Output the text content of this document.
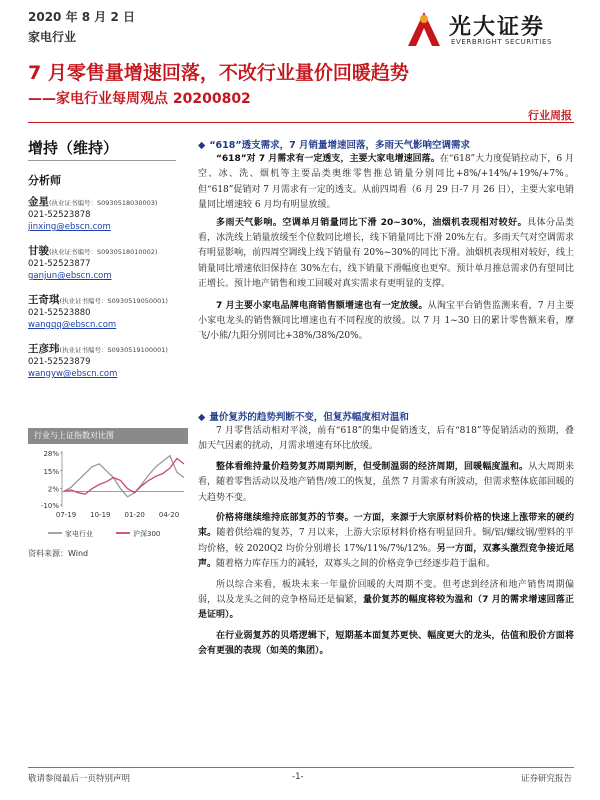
2020 年 8 月 2 日
家电行业	光大证券
EVERBRIGHT SECURITIES
7 月零售量增速回落，不改行业量价回暖趋势
——家电行业每周观点 20200802
行业周报
增持（维持）
分析师
金星(执业证书编号：S0930518030003)
021-52523878
jinxing@ebscn.com
甘骏(执业证书编号：S0930518010002)
021-52523877
ganjun@ebscn.com
王奇琪(执业证书编号：S0930519050001)
021-52523880
wangqq@ebscn.com
王彦玮(执业证书编号：S0930519100001)
021-52523879
wangyw@ebscn.com
行业与上证指数对比图
28%
15%
2%
-10%
07-19 10-19 01-20 04-20
家电行业	沪深300
资料来源：Wind
◆ “618”透支需求，7 月销量增速回落，多雨天气影响空调需求

“618”对 7 月需求有一定透支，主要大家电增速回落。在“618”大力度促销拉动下，6 月空、冰、洗、烟机等主要品类奥维零售推总销量分别同比+8%/+14%/+19%/+7%。但“618”促销对 7 月需求有一定的透支。从前四周看（6 月 29 日-7 月 26 日），主要大家电销量同比增速较 6 月均有明显放缓。

多雨天气影响。空调单月销量同比下滑 20~30%，油烟机表现相对较好。具体分品类看，冰洗线上销量放缓至个位数同比增长，线下销量同比下滑 20%左右。多雨天气对空调需求有明显影响，前四周空调线上线下销量有 20%~30%的同比下滑。油烟机表现相对较好，线上销量同比增速依旧保持在 30%左右，线下销量下滑幅度也更窄。预计单月推总需求仍有望同比正增长。预计地产销售和竣工回暖对真实需求有更明显的支撑。

7 月主要小家电品牌电商销售额增速也有一定放缓。从淘宝平台销售监测来看，7 月主要小家电龙头的销售额同比增速也有不同程度的放缓。以 7 月 1~30 日的累计零售额来看，摩飞/小熊/九阳分别同比+38%/38%/20%。

◆ 量价复苏的趋势判断不变，但复苏幅度相对温和

7 月零售活动相对平淡，前有“618”的集中促销透支，后有“818”等促销活动的预期，叠加天气因素的扰动，月需求增速有环比放缓。

整体看维持量价趋势复苏周期判断，但受制温弱的经济周期，回暖幅度温和。从大周期来看，随着零售活动以及地产销售/竣工的恢复，虽然 7 月需求有所波动，但需求整体底部回暖的大趋势不变。

价格将继续维持底部复苏的节奏。一方面，来源于大宗原材料价格的快速上涨带来的硬约束。随着供给端的复苏，7 月以来，上游大宗原材料价格有明显回升。铜/铝/螺纹钢/塑料的平均价格，较 2020Q2 均价分别增长 17%/11%/7%/12%。另一方面，双寡头激烈竞争接近尾声。随着格力库存压力的减轻，双寡头之间的价格竞争已经逐步趋于温和。

所以综合来看，板块未来一年量价回暖的大周期不变。但考虑到经济和地产销售周期偏弱，以及龙头之间的竞争格局还是偏紧，量价复苏的幅度将较为温和（7 月的需求增速回落正是证明）。

在行业弱复苏的贝塔逻辑下，短期基本面复苏更快、幅度更大的龙头，估值和股价方面将会有更强的表现（如美的集团）。

敬请参阅最后一页特别声明	-1-	证券研究报告
